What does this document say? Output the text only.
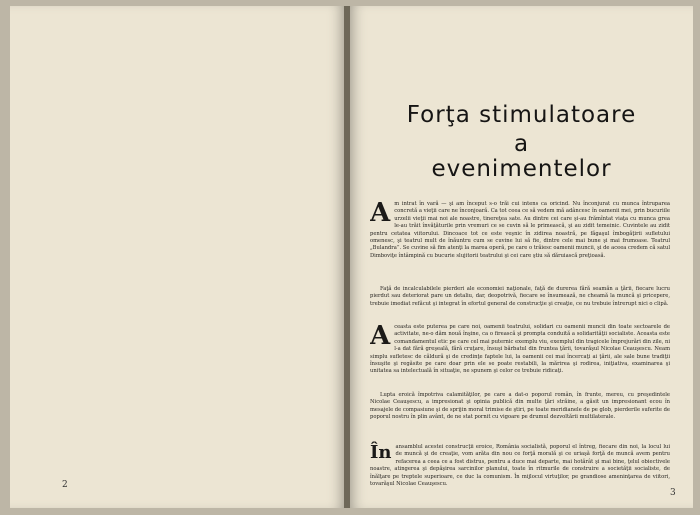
2
Forţa stimulatoare
a
evenimentelor

A m intrat în vară — şi am început s-o trăi cui intens ca oricind. Nu înconjurat cu munca întruparea concretă a vieţii care ne înconjoară. Ca tot ceea ce să vedem mă adâncesc în oamenii mei, prin bucuriile urzelii vieţii mai noi ale noastre, tinereţea sate. Au dintre cei care şi-au frămîntat viaţa cu munca grea le-au trăit învăţăturile prin vremuri ce se cuvin să le primească, şi au zidit temeinic. Cuvintele au zidit pentru cetatea viitorului. Dincoace tot ce este veşnic în zidirea noastră, pe făgaşul îmbogăţirii sufletului omenesc, şi teatrul mult de înăuntru cum se cuvine lui să fie, dintre cele mai bune şi mai frumoase. Teatrul „Bulandra”. Se cuvine să fim atenţi la marea operă, pe care o trăiesc oamenii muncii, şi de aceea credem că satul Dimboviţe întâmpină cu bucurie slujitorii teatrului şi cei care ştiu să dăruiască preţioasă.

Faţă de incalculabilele pierderi ale economiei naţionale, faţă de durerea fără seamăn a ţării, fiecare lucru pierdut sau deteriorat pare un detaliu, dar, deopotrivă, fiecare se însumează, ne cheamă la muncă şi pricepere, trebuie imediat refăcut şi integrat în efortul general de construcţie şi creaţie, ce nu trebuie întrerupt nici o clipă.

A ceasta este puterea pe care noi, oamenii teatrului, solidari cu oamenii muncii din toate sectoarele de activitate, ne-o dăm nouă înşine, ca o firească şi prompta conduită a solidarităţii socialiste. Aceasta este comandamentul etic pe care cel mai puternic exemplu viu, exemplul din tragicele împrejurări din zile, ni l-a dat fără greşeală, fără cruţare, însuşi bărbatul din fruntea ţării, tovarăşul Nicolae Ceauşescu. Neam simplu sufletesc de căldură şi de credinţe faptele lui, la oamenii cei mai încercaţi ai ţării, ale sale bune tradiţii însuşite şi regăsite pe care doar prin ele se poate restabili, la mărirea şi rodirea, iniţiativa, examinarea şi unitatea sa intelectuală în situaţie, ne spunem şi celor ce trebuie ridicaţi.

Lupta eroică împotriva calamităţilor, pe care a dat-o poporul român, în frunte, mereu, cu preşedintele Nicolae Ceauşescu, a impresionat şi opinia publică din multe ţări străine, a găsit un impresionant ecou în mesajele de compasiune şi de sprijin moral trimise de ştiri, pe toate meridianele de pe glob, pierderile suferite de poporul nostru în plin avânt, de ne stat pornit cu vigoare pe drumul dezvoltării multilaterale.

În ansamblul acestei construcţii eroice, România socialistă, poporul el întreg, fiecare din noi, la locul lui de muncă şi de creaţie, vom arăta din nou ce forţă morală şi ce uriaşă forţă de muncă avem pentru refacerea a ceea ce a fost distrus, pentru a duce mai departe, mai hotărât şi mai bine, ţelul obiectivele noastre, atingerea şi depăşirea sarcinilor planului, toate în ritmurile de construire a societăţii socialiste, de înălţare pe treptele superioare, ce duc la comunism. În mijlocul virtuţilor, pe grandiose ameninţarea de viitori, tovarăşul Nicolae Ceauşescu.

3
